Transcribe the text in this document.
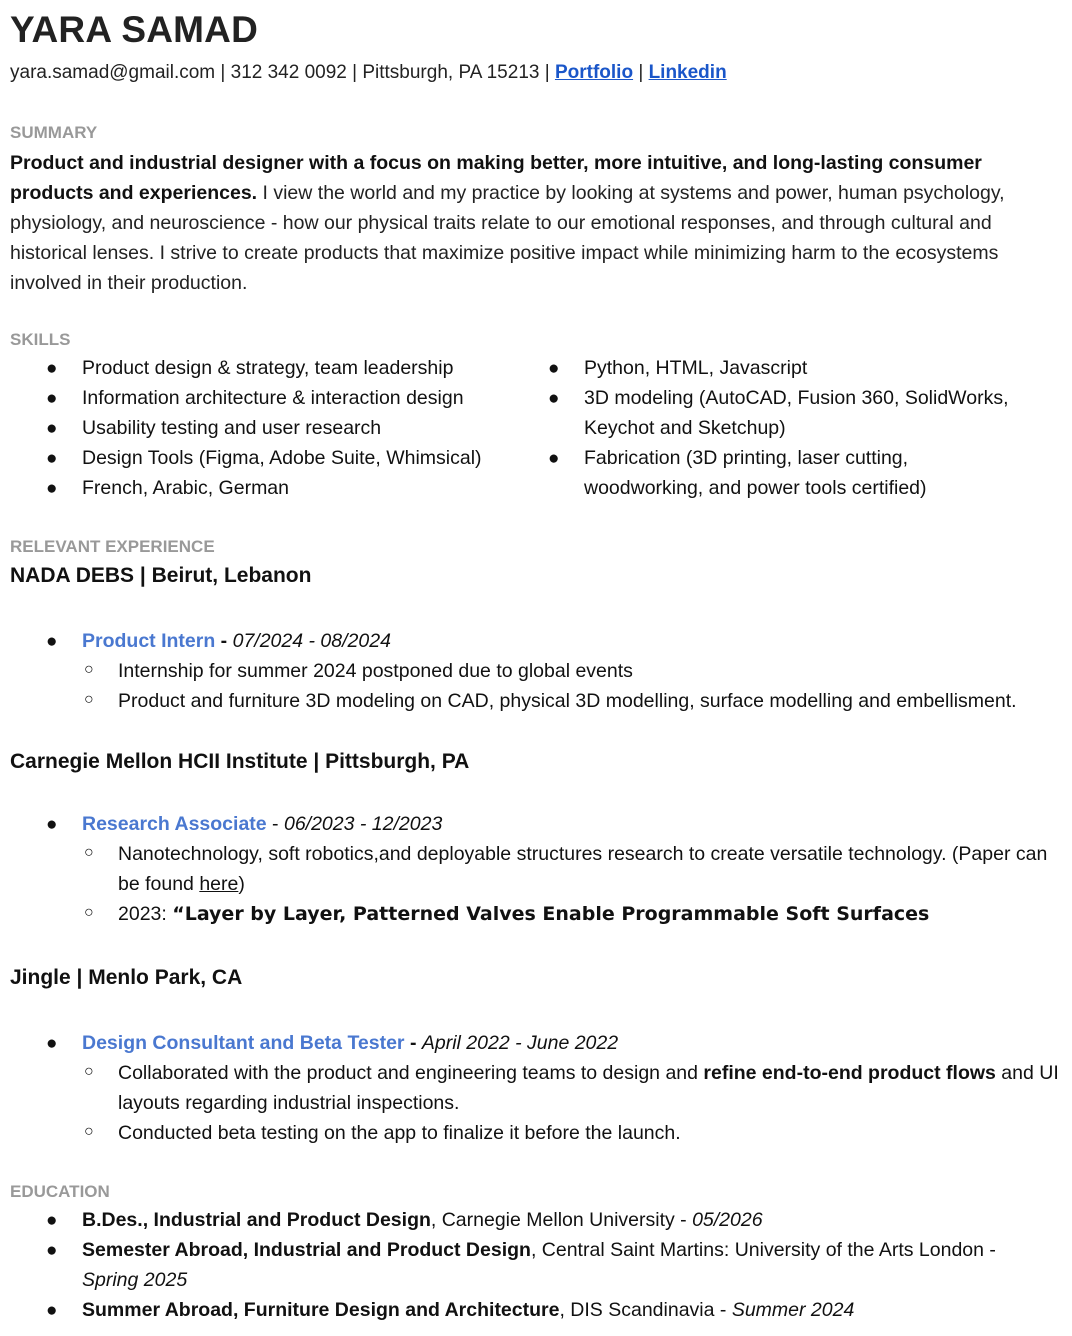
YARA SAMAD
yara.samad@gmail.com | 312 342 0092 | Pittsburgh, PA 15213 | Portfolio | Linkedin
SUMMARY
Product and industrial designer with a focus on making better, more intuitive, and long-lasting consumer products and experiences. I view the world and my practice by looking at systems and power, human psychology, physiology, and neuroscience - how our physical traits relate to our emotional responses, and through cultural and historical lenses. I strive to create products that maximize positive impact while minimizing harm to the ecosystems involved in their production.
SKILLS
● Product design & strategy, team leadership
● Information architecture & interaction design
● Usability testing and user research
● Design Tools (Figma, Adobe Suite, Whimsical)
● French, Arabic, German
● Python, HTML, Javascript
● 3D modeling (AutoCAD, Fusion 360, SolidWorks, Keychot and Sketchup)
● Fabrication (3D printing, laser cutting, woodworking, and power tools certified)
RELEVANT EXPERIENCE
NADA DEBS | Beirut, Lebanon
● Product Intern - 07/2024 - 08/2024
○ Internship for summer 2024 postponed due to global events
○ Product and furniture 3D modeling on CAD, physical 3D modelling, surface modelling and embellisment.
Carnegie Mellon HCII Institute | Pittsburgh, PA
● Research Associate - 06/2023 - 12/2023
○ Nanotechnology, soft robotics,and deployable structures research to create versatile technology. (Paper can be found here)
○ 2023: “Layer by Layer, Patterned Valves Enable Programmable Soft Surfaces
Jingle | Menlo Park, CA
● Design Consultant and Beta Tester - April 2022 - June 2022
○ Collaborated with the product and engineering teams to design and refine end-to-end product flows and UI layouts regarding industrial inspections.
○ Conducted beta testing on the app to finalize it before the launch.
EDUCATION
● B.Des., Industrial and Product Design, Carnegie Mellon University - 05/2026
● Semester Abroad, Industrial and Product Design, Central Saint Martins: University of the Arts London - Spring 2025
● Summer Abroad, Furniture Design and Architecture, DIS Scandinavia - Summer 2024
